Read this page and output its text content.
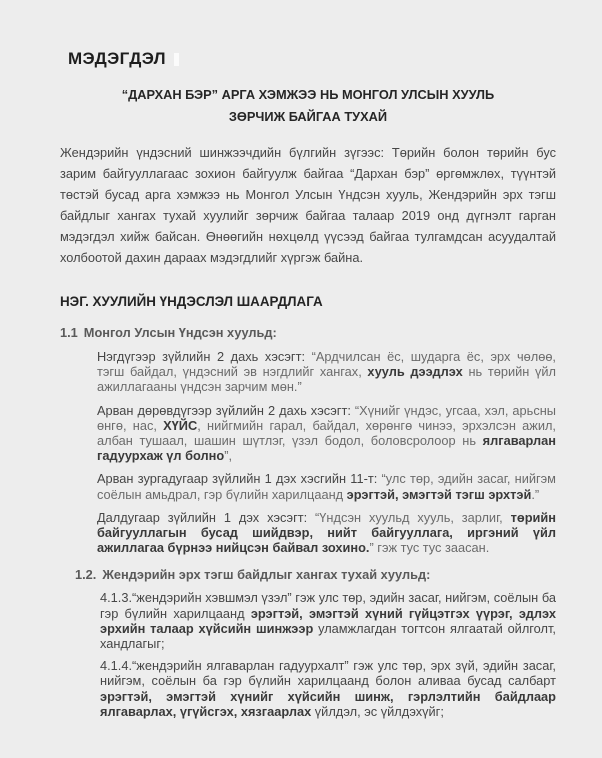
МЭДЭГДЭЛ
“ДАРХАН БЭР” АРГА ХЭМЖЭЭ НЬ МОНГОЛ УЛСЫН ХУУЛЬ
ЗӨРЧИЖ БАЙГАА ТУХАЙ

Жендэрийн үндэсний шинжээчдийн бүлгийн зүгээс: Төрийн болон төрийн бус зарим байгууллагаас зохион байгуулж байгаа “Дархан бэр” өргөмжлөх, түүнтэй төстэй бусад арга хэмжээ нь Монгол Улсын Үндсэн хууль, Жендэрийн эрх тэгш байдлыг хангах тухай хуулийг зөрчиж байгаа талаар 2019 онд дүгнэлт гарган мэдэгдэл хийж байсан. Өнөөгийн нөхцөлд үүсээд байгаа тулгамдсан асуудалтай холбоотой дахин дараах мэдэгдлийг хүргэж байна.

НЭГ. ХУУЛИЙН ҮНДЭСЛЭЛ ШААРДЛАГА
1.1 Монгол Улсын Үндсэн хуульд:

Нэгдүгээр зүйлийн 2 дахь хэсэгт: “Ардчилсан ёс, шударга ёс, эрх чөлөө, тэгш байдал, үндэсний эв нэгдлийг хангах, хууль дээдлэх нь төрийн үйл ажиллагааны үндсэн зарчим мөн.”

Арван дөрөвдүгээр зүйлийн 2 дахь хэсэгт: “Хүнийг үндэс, угсаа, хэл, арьсны өнгө, нас, ХҮЙС, нийгмийн гарал, байдал, хөрөнгө чинээ, эрхэлсэн ажил, албан тушаал, шашин шүтлэг, үзэл бодол, боловсролоор нь ялгаварлан гадуурхаж үл болно”,

Арван зургадугаар зүйлийн 1 дэх хэсгийн 11-т: “улс төр, эдийн засаг, нийгэм соёлын амьдрал, гэр бүлийн харилцаанд эрэгтэй, эмэгтэй тэгш эрхтэй.”

Далдугаар зүйлийн 1 дэх хэсэгт: “Үндсэн хуульд хууль, зарлиг, төрийн байгууллагын бусад шийдвэр, нийт байгууллага, иргэний үйл ажиллагаа бүрнээ нийцсэн байвал зохино.” гэж тус тус заасан.

1.2. Жендэрийн эрх тэгш байдлыг хангах тухай хуульд:

4.1.3.“жендэрийн хэвшмэл үзэл” гэж улс төр, эдийн засаг, нийгэм, соёлын ба гэр бүлийн харилцаанд эрэгтэй, эмэгтэй хүний гүйцэтгэх үүрэг, эдлэх эрхийн талаар хүйсийн шинжээр уламжлагдан тогтсон ялгаатай ойлголт, хандлагыг;

4.1.4.“жендэрийн ялгаварлан гадуурхалт” гэж улс төр, эрх зүй, эдийн засаг, нийгэм, соёлын ба гэр бүлийн харилцаанд болон аливаа бусад салбарт эрэгтэй, эмэгтэй хүнийг хүйсийн шинж, гэрлэлтийн байдлаар ялгаварлах, үгүйсгэх, хязгаарлах үйлдэл, эс үйлдэхүйг;
